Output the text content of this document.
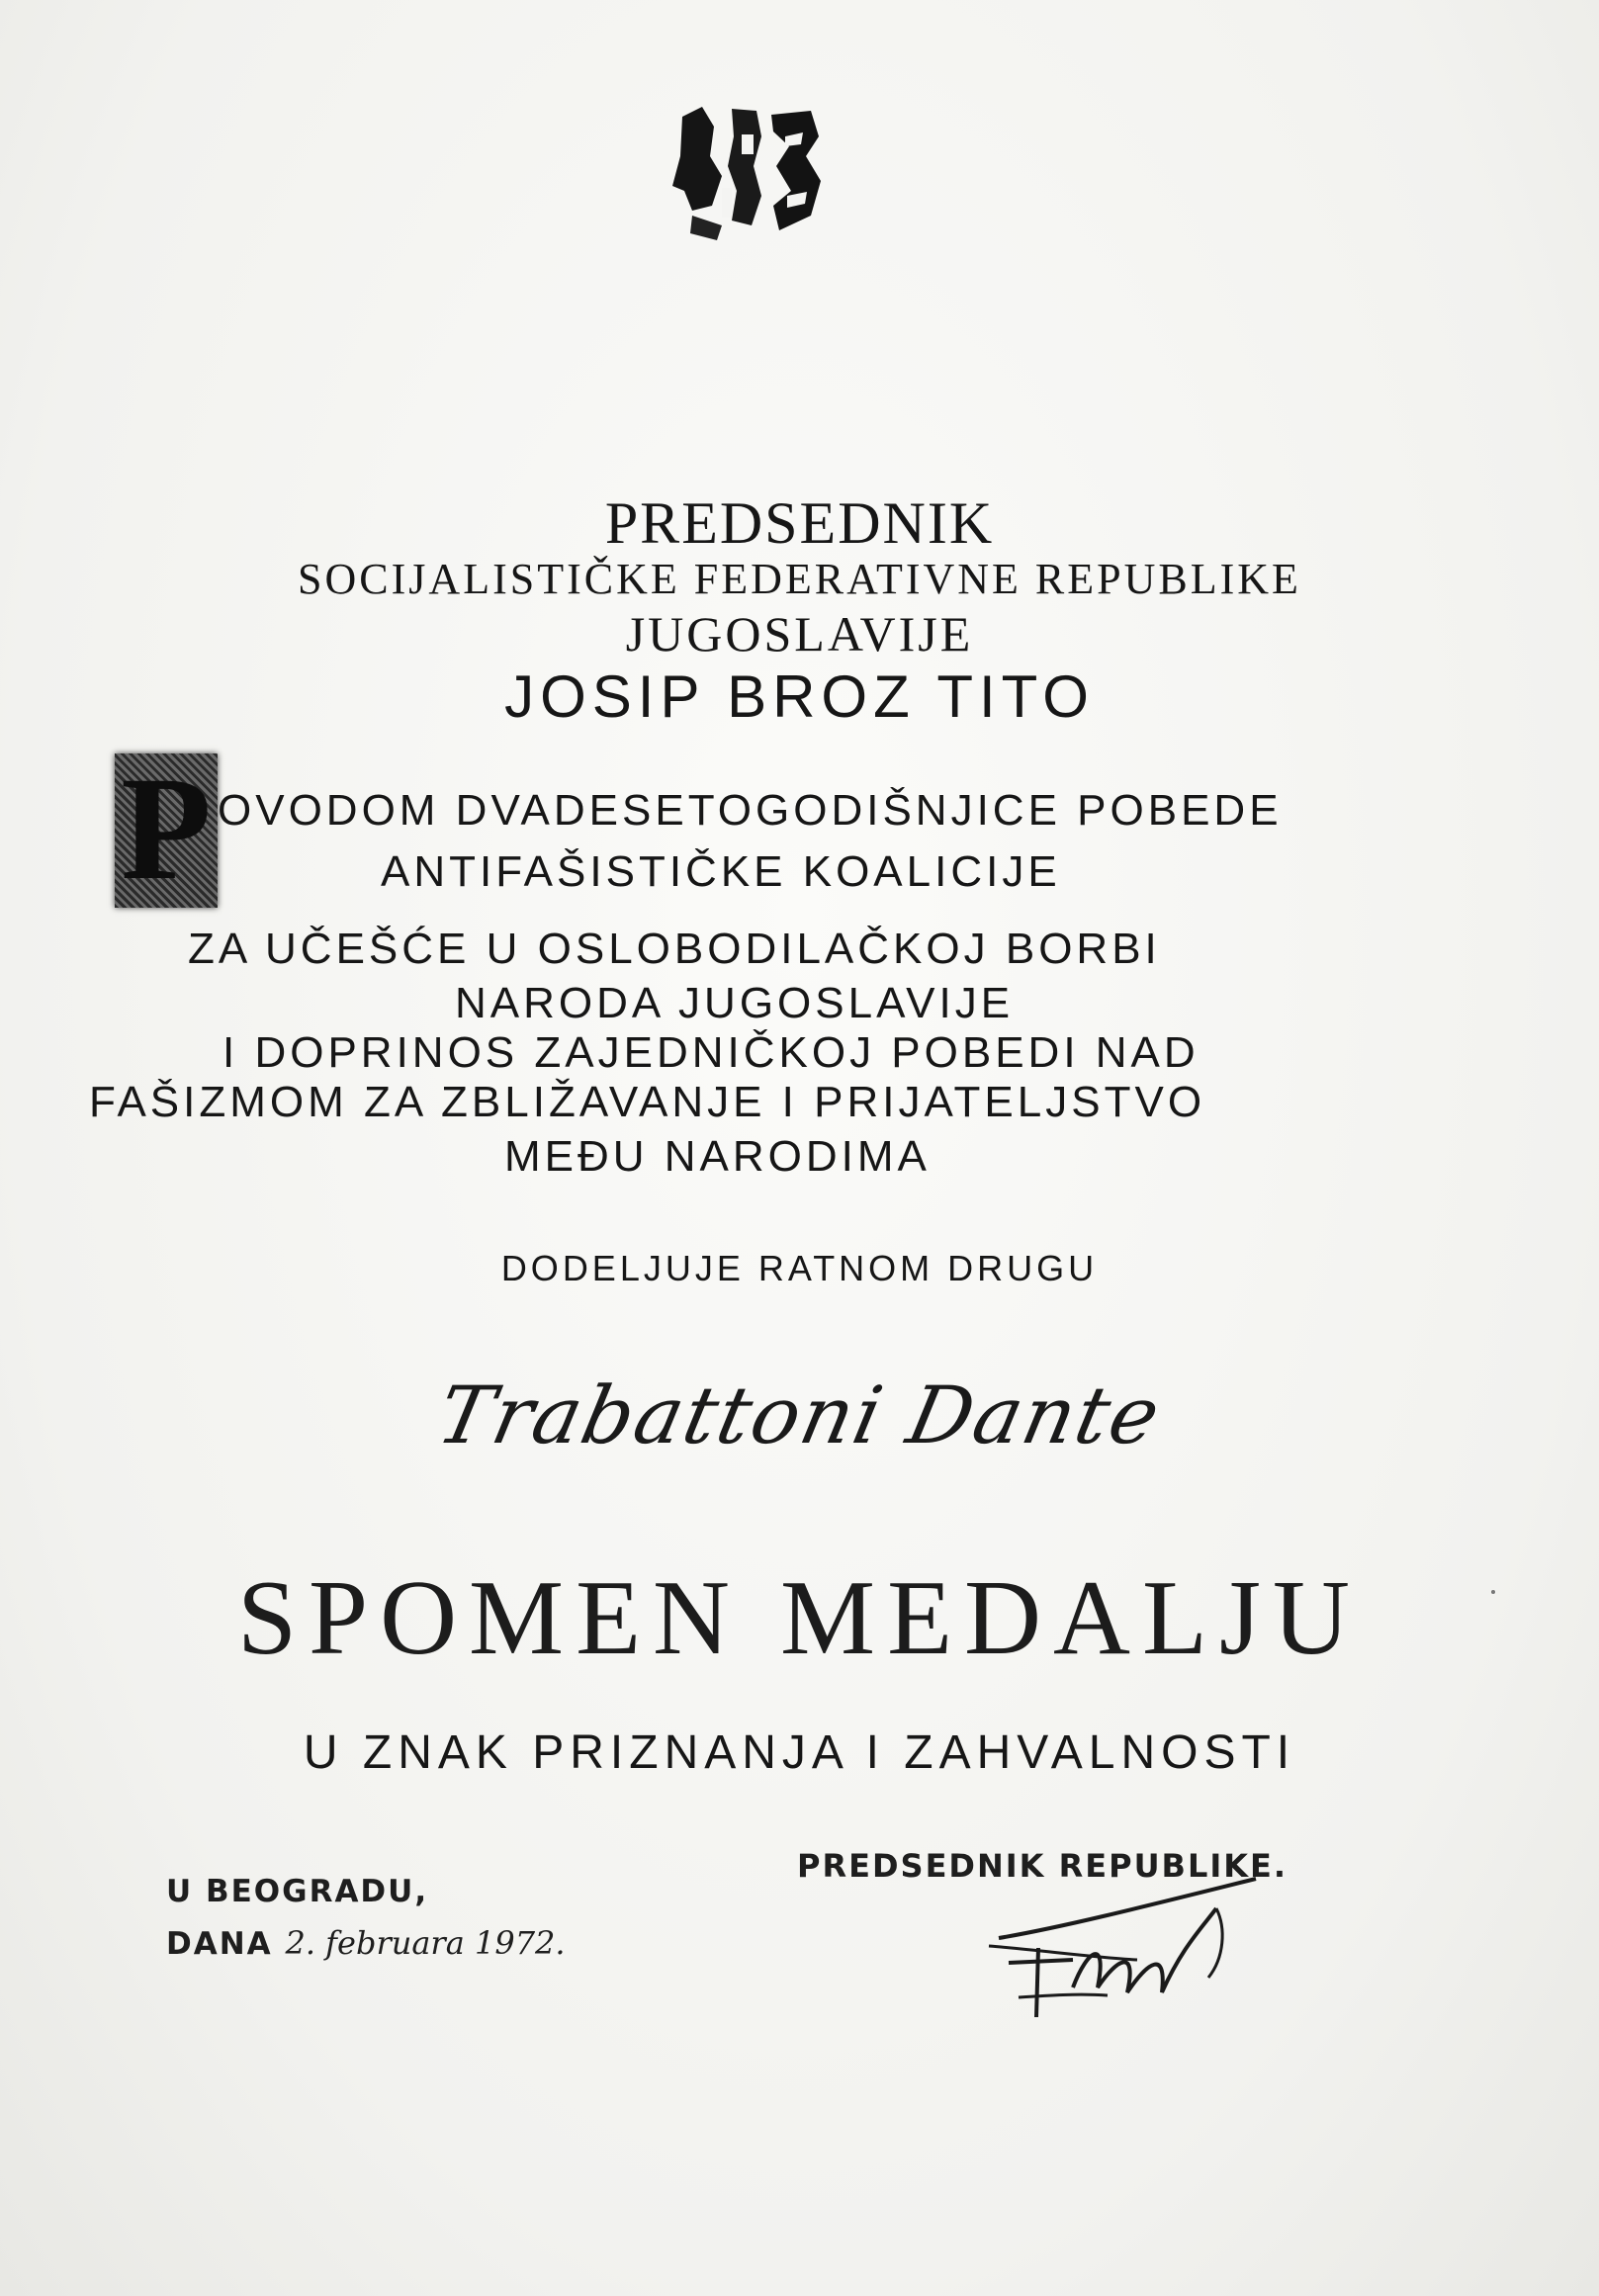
PREDSEDNIK
SOCIJALISTIČKE FEDERATIVNE REPUBLIKE
JUGOSLAVIJE
JOSIP BROZ TITO
P OVODOM DVADESETOGODIŠNJICE POBEDE
ANTIFAŠISTIČKE KOALICIJE
ZA UČEŠĆE U OSLOBODILAČKOJ BORBI
NARODA JUGOSLAVIJE
I DOPRINOS ZAJEDNIČKOJ POBEDI NAD
FAŠIZMOM ZA ZBLIŽAVANJE I PRIJATELJSTVO
MEĐU NARODIMA
DODELJUJE RATNOM DRUGU
Trabattoni Dante
SPOMEN MEDALJU
U ZNAK PRIZNANJA I ZAHVALNOSTI
U BEOGRADU,
DANA 2. februara 1972.
PREDSEDNIK REPUBLIKE.
